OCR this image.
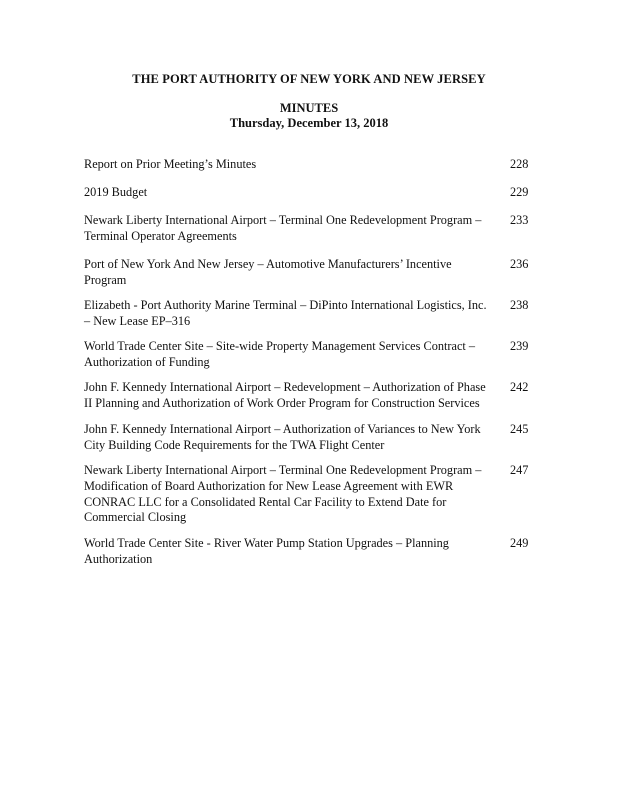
THE PORT AUTHORITY OF NEW YORK AND NEW JERSEY
MINUTES
Thursday, December 13, 2018
Report on Prior Meeting’s Minutes	228
2019 Budget	229
Newark Liberty International Airport – Terminal One Redevelopment Program – Terminal Operator Agreements
233
Port of New York And New Jersey – Automotive Manufacturers’ Incentive Program
236
Elizabeth - Port Authority Marine Terminal – DiPinto International Logistics, Inc. – New Lease EP–316
238
World Trade Center Site – Site-wide Property Management Services Contract – Authorization of Funding
239
John F. Kennedy International Airport – Redevelopment – Authorization of Phase II Planning and Authorization of Work Order Program for Construction Services
242
John F. Kennedy International Airport – Authorization of Variances to New York City Building Code Requirements for the TWA Flight Center
245
Newark Liberty International Airport – Terminal One Redevelopment Program – Modification of Board Authorization for New Lease Agreement with EWR CONRAC LLC for a Consolidated Rental Car Facility to Extend Date for Commercial Closing
247
World Trade Center Site - River Water Pump Station Upgrades – Planning Authorization
249
